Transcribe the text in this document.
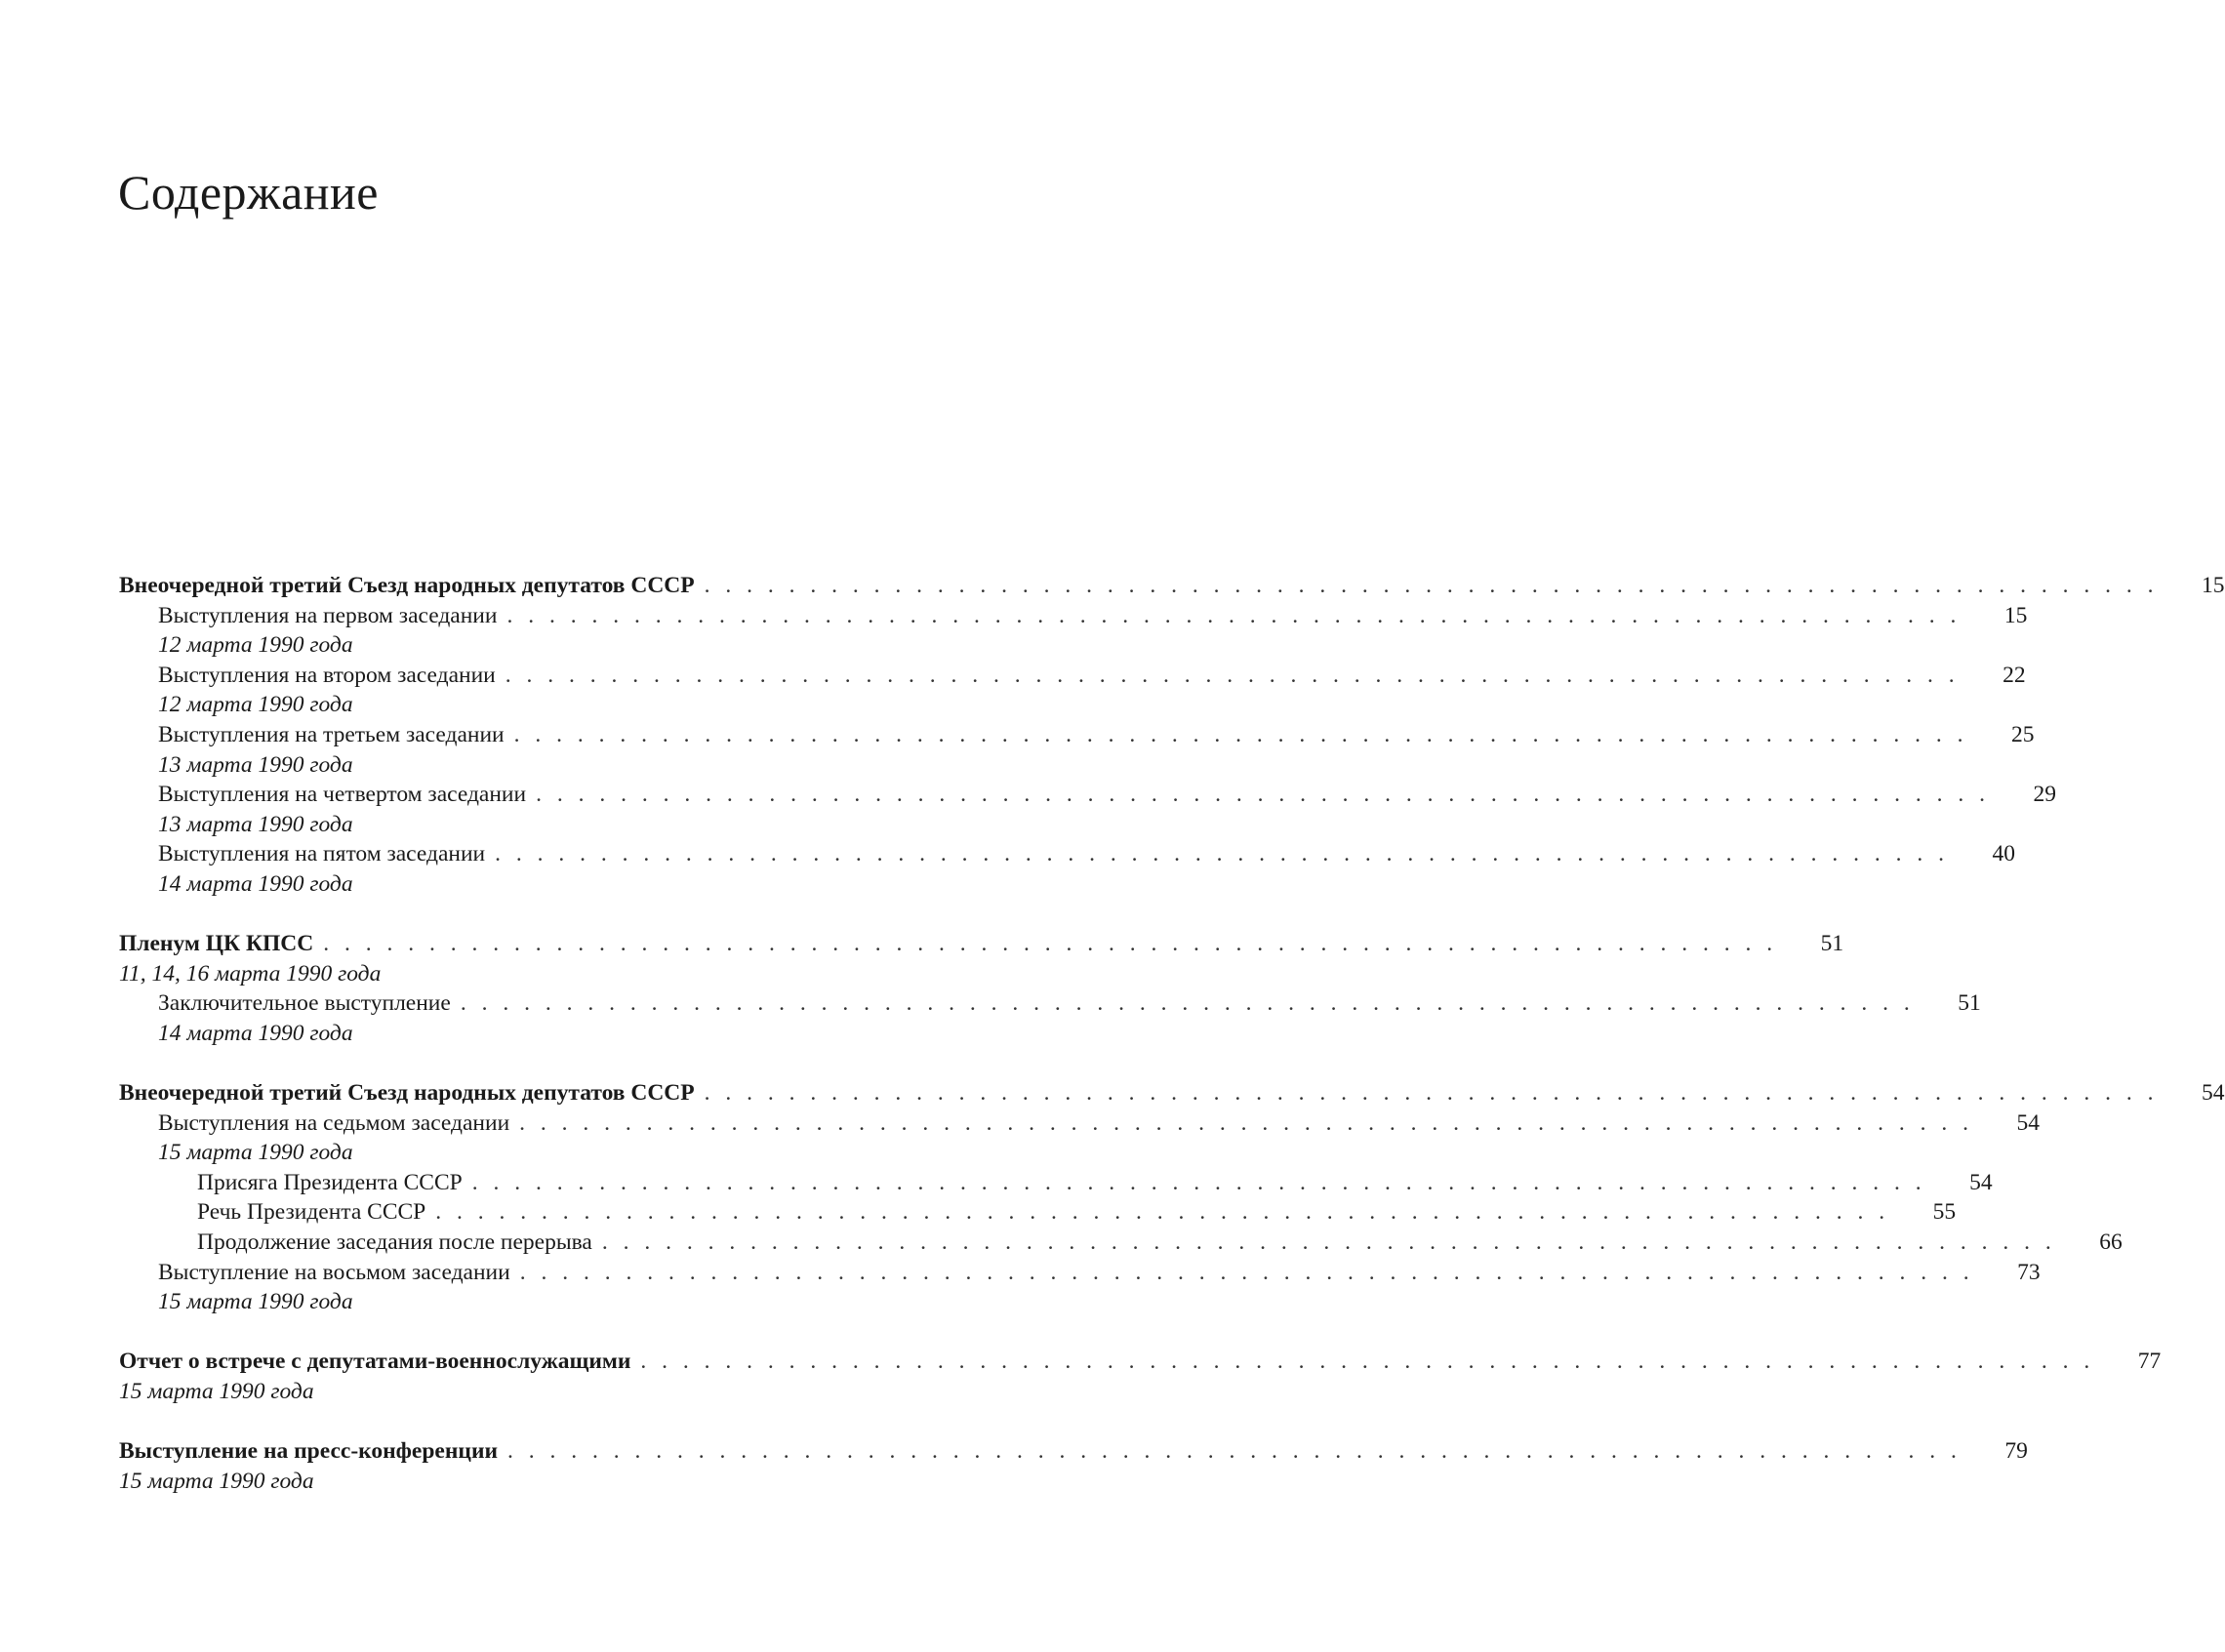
Содержание
Внеочередной третий Съезд народных депутатов СССР . . . . . . . . . . . . . . . . . . . . . . . . . . . . . . . . . . . . . . . . . . . . . . . . . . . . . . . . . . . . . . . . . . . . .	15
Выступления на первом заседании . . . . . . . . . . . . . . . . . . . . . . . . . . . . . . . . . . . . . . . . . . . . . . . . . . . . . . . . . . . . . . . . . . . . .	15
12 марта 1990 года
Выступления на втором заседании . . . . . . . . . . . . . . . . . . . . . . . . . . . . . . . . . . . . . . . . . . . . . . . . . . . . . . . . . . . . . . . . . . . . .	22
12 марта 1990 года
Выступления на третьем заседании . . . . . . . . . . . . . . . . . . . . . . . . . . . . . . . . . . . . . . . . . . . . . . . . . . . . . . . . . . . . . . . . . . . . .	25
13 марта 1990 года
Выступления на четвертом заседании . . . . . . . . . . . . . . . . . . . . . . . . . . . . . . . . . . . . . . . . . . . . . . . . . . . . . . . . . . . . . . . . . . . . .	29
13 марта 1990 года
Выступления на пятом заседании . . . . . . . . . . . . . . . . . . . . . . . . . . . . . . . . . . . . . . . . . . . . . . . . . . . . . . . . . . . . . . . . . . . . .	40
14 марта 1990 года
Пленум ЦК КПСС . . . . . . . . . . . . . . . . . . . . . . . . . . . . . . . . . . . . . . . . . . . . . . . . . . . . . . . . . . . . . . . . . . . . .	51
11, 14, 16 марта 1990 года
Заключительное выступление . . . . . . . . . . . . . . . . . . . . . . . . . . . . . . . . . . . . . . . . . . . . . . . . . . . . . . . . . . . . . . . . . . . . .	51
14 марта 1990 года
Внеочередной третий Съезд народных депутатов СССР . . . . . . . . . . . . . . . . . . . . . . . . . . . . . . . . . . . . . . . . . . . . . . . . . . . . . . . . . . . . . . . . . . . . .	54
Выступления на седьмом заседании . . . . . . . . . . . . . . . . . . . . . . . . . . . . . . . . . . . . . . . . . . . . . . . . . . . . . . . . . . . . . . . . . . . . .	54
15 марта 1990 года
Присяга Президента СССР . . . . . . . . . . . . . . . . . . . . . . . . . . . . . . . . . . . . . . . . . . . . . . . . . . . . . . . . . . . . . . . . . . . . .	54
Речь Президента СССР . . . . . . . . . . . . . . . . . . . . . . . . . . . . . . . . . . . . . . . . . . . . . . . . . . . . . . . . . . . . . . . . . . . . .	55
Продолжение заседания после перерыва . . . . . . . . . . . . . . . . . . . . . . . . . . . . . . . . . . . . . . . . . . . . . . . . . . . . . . . . . . . . . . . . . . . . .	66
Выступление на восьмом заседании . . . . . . . . . . . . . . . . . . . . . . . . . . . . . . . . . . . . . . . . . . . . . . . . . . . . . . . . . . . . . . . . . . . . .	73
15 марта 1990 года
Отчет о встрече с депутатами-военнослужащими . . . . . . . . . . . . . . . . . . . . . . . . . . . . . . . . . . . . . . . . . . . . . . . . . . . . . . . . . . . . . . . . . . . . .	77
15 марта 1990 года
Выступление на пресс-конференции . . . . . . . . . . . . . . . . . . . . . . . . . . . . . . . . . . . . . . . . . . . . . . . . . . . . . . . . . . . . . . . . . . . . .	79
15 марта 1990 года
